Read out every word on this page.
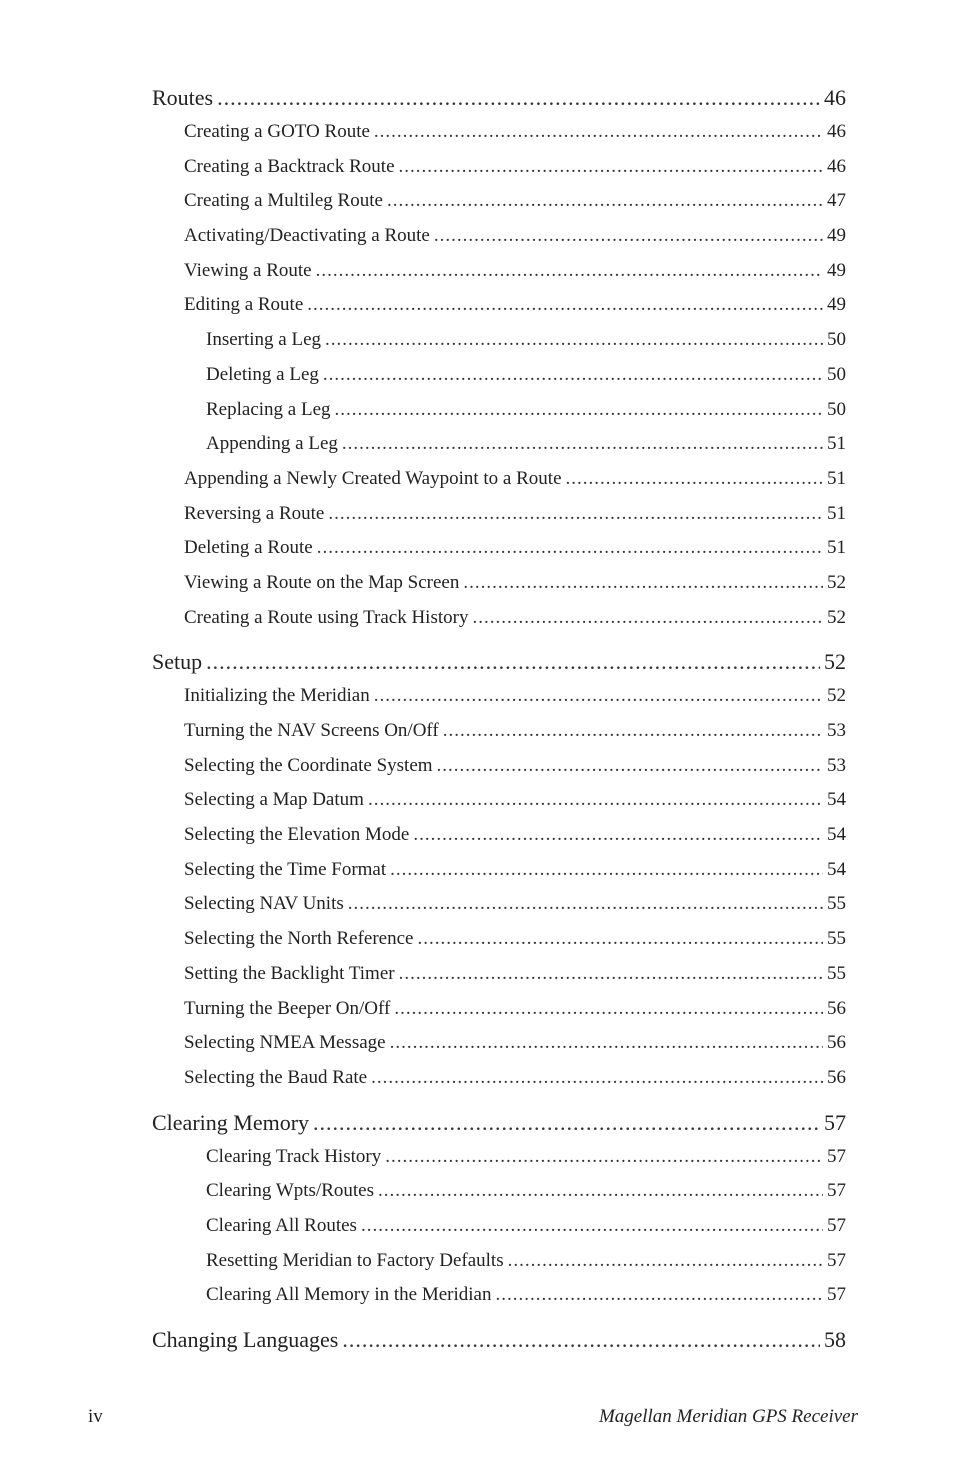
Routes .....	46
Creating a GOTO Route .....	46
Creating a Backtrack Route .....	46
Creating a Multileg Route .....	47
Activating/Deactivating a Route .....	49
Viewing a Route .....	49
Editing a Route .....	49
Inserting a Leg .....	50
Deleting a Leg .....	50
Replacing a Leg .....	50
Appending a Leg .....	51
Appending a Newly Created Waypoint to a Route .....	51
Reversing a Route .....	51
Deleting a Route .....	51
Viewing a Route on the Map Screen .....	52
Creating a Route using Track History .....	52
Setup .....	52
Initializing the Meridian .....	52
Turning the NAV Screens On/Off .....	53
Selecting the Coordinate System .....	53
Selecting a Map Datum .....	54
Selecting the Elevation Mode .....	54
Selecting the Time Format .....	54
Selecting NAV Units .....	55
Selecting the North Reference .....	55
Setting the Backlight Timer .....	55
Turning the Beeper On/Off .....	56
Selecting NMEA Message .....	56
Selecting the Baud Rate .....	56
Clearing Memory .....	57
Clearing Track History .....	57
Clearing Wpts/Routes .....	57
Clearing All Routes .....	57
Resetting Meridian to Factory Defaults .....	57
Clearing All Memory in the Meridian .....	57
Changing Languages .....	58
iv	Magellan Meridian GPS Receiver
